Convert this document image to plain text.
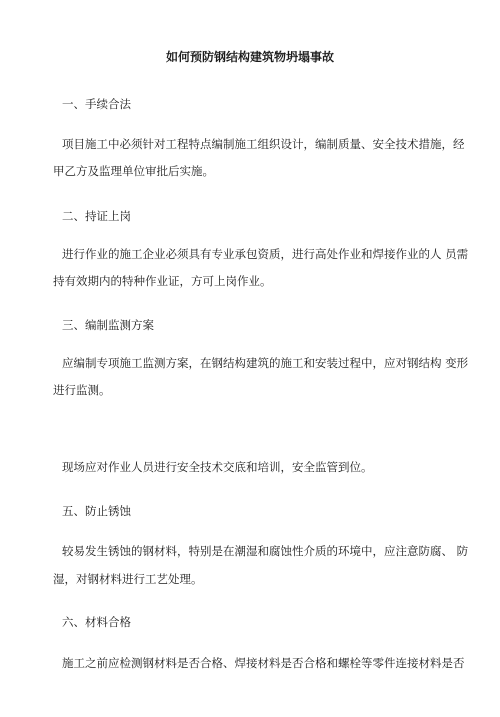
如何预防钢结构建筑物坍塌事故
一、手续合法
项目施工中必须针对工程特点编制施工组织设计，编制质量、安全技术措施，经
甲乙方及监理单位审批后实施。
二、持证上岗
进行作业的施工企业必须具有专业承包资质，进行高处作业和焊接作业的人 员需
持有效期内的特种作业证，方可上岗作业。
三、编制监测方案
应编制专项施工监测方案，在钢结构建筑的施工和安装过程中，应对钢结构 变形
进行监测。
现场应对作业人员进行安全技术交底和培训，安全监管到位。
五、防止锈蚀
较易发生锈蚀的钢材料，特别是在潮湿和腐蚀性介质的环境中，应注意防腐、 防
湿，对钢材料进行工艺处理。
六、材料合格
施工之前应检测钢材料是否合格、焊接材料是否合格和螺栓等零件连接材料是否
